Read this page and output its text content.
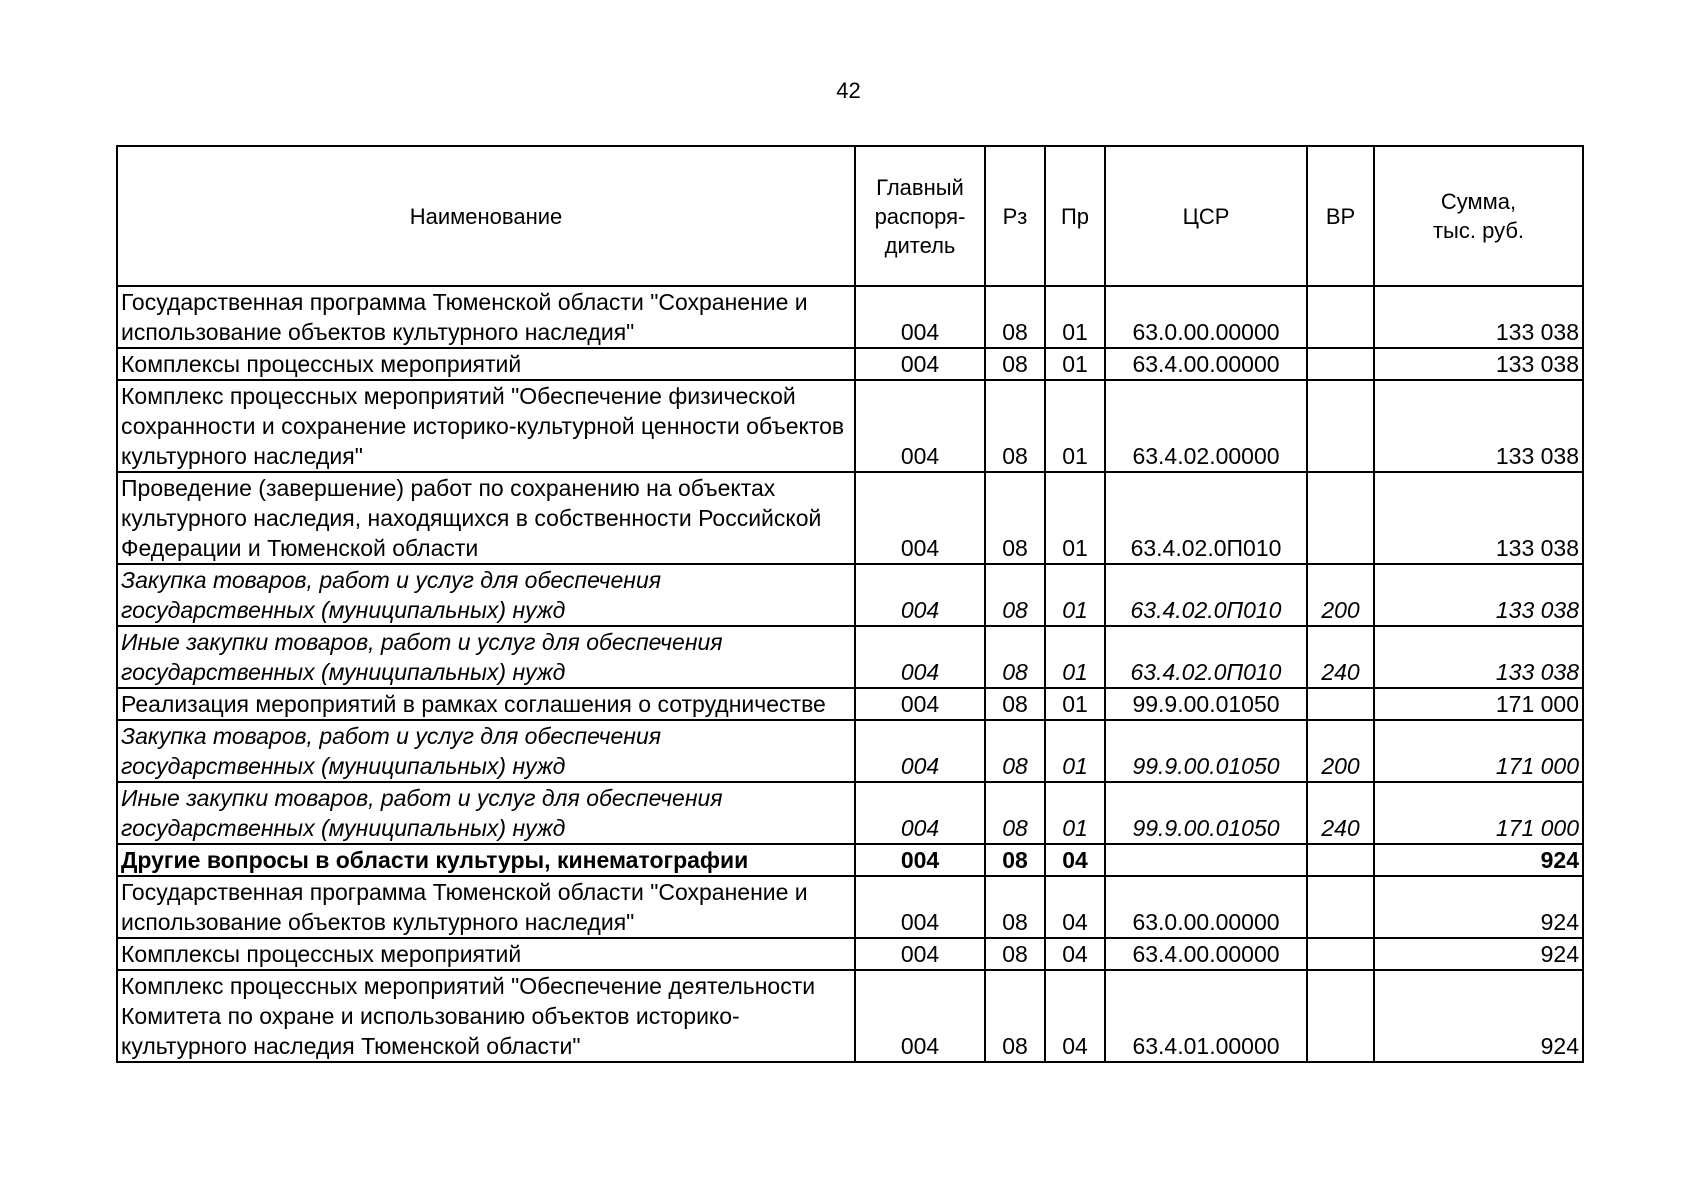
42
Наименование	Главный
распоря-
дитель	Рз	Пр	ЦСР	ВР	Сумма,
тыс. руб.
Государственная программа Тюменской области "Сохранение и использование объектов культурного наследия"	004	08	01	63.0.00.00000		133 038
Комплексы процессных мероприятий	004	08	01	63.4.00.00000		133 038
Комплекс процессных мероприятий "Обеспечение физической сохранности и сохранение историко-культурной ценности объектов культурного наследия"	004	08	01	63.4.02.00000		133 038
Проведение (завершение) работ по сохранению на объектах культурного наследия, находящихся в собственности Российской Федерации и Тюменской области	004	08	01	63.4.02.0П010		133 038
Закупка товаров, работ и услуг для обеспечения государственных (муниципальных) нужд	004	08	01	63.4.02.0П010	200	133 038
Иные закупки товаров, работ и услуг для обеспечения государственных (муниципальных) нужд	004	08	01	63.4.02.0П010	240	133 038
Реализация мероприятий в рамках соглашения о сотрудничестве	004	08	01	99.9.00.01050		171 000
Закупка товаров, работ и услуг для обеспечения государственных (муниципальных) нужд	004	08	01	99.9.00.01050	200	171 000
Иные закупки товаров, работ и услуг для обеспечения государственных (муниципальных) нужд	004	08	01	99.9.00.01050	240	171 000
Другие вопросы в области культуры, кинематографии	004	08	04			924
Государственная программа Тюменской области "Сохранение и использование объектов культурного наследия"	004	08	04	63.0.00.00000		924
Комплексы процессных мероприятий	004	08	04	63.4.00.00000		924
Комплекс процессных мероприятий "Обеспечение деятельности Комитета по охране и использованию объектов историко-культурного наследия Тюменской области"	004	08	04	63.4.01.00000		924
